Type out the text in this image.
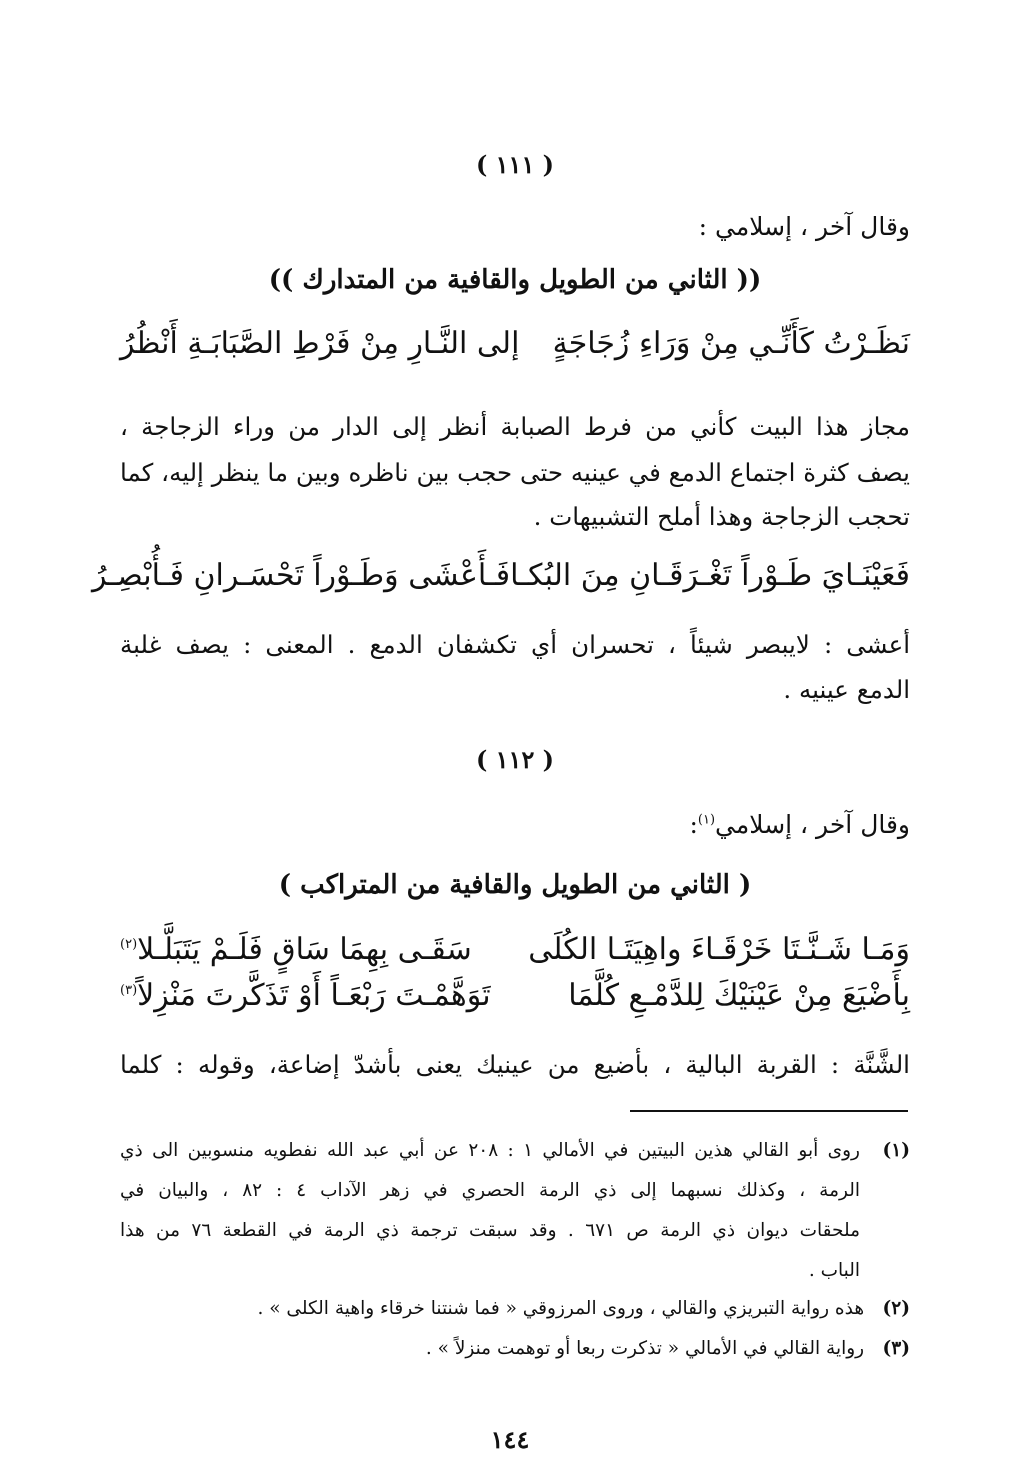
( ١١١ )
وقال آخر ، إسلامي :
(( الثاني من الطويل والقافية من المتدارك ))
نَظَـرْتُ كَأَنِّـي مِنْ وَرَاءِ زُجَاجَةٍ
إلى النَّـارِ مِنْ فَرْطِ الصَّبَابَـةِ أَنْظُرُ
مجاز هذا البيت كأني من فرط الصبابة أنظر إلى الدار من وراء الزجاجة ،
يصف كثرة اجتماع الدمع في عينيه حتى حجب بين ناظره وبين ما ينظر إليه، كما
تحجب الزجاجة وهذا أملح التشبيهات .
فَعَيْنَـايَ طَـوْراً تَغْـرَقَـانِ مِنَ البُكـا
فَـأَعْشَى وَطَـوْراً تَحْسَـرانِ فَـأُبْصِـرُ
أعشى : لايبصر شيئاً ، تحسران أي تكشفان الدمع . المعنى : يصف غلبة
الدمع عينيه .
( ١١٢ )
وقال آخر ، إسلامي$^{(١)}$:
( الثاني من الطويل والقافية من المتراكب )
وَمَـا شَـنَّـتَا خَرْقَـاءَ واهِيَتَـا الكُلَى
سَقَـى بِهِمَا سَاقٍ فَلَـمْ يَتَبَلَّـلا$^{(٢)}$
بِأَضْيَعَ مِنْ عَيْنَيْكَ لِلدَّمْـعِ كُلَّمَا
تَوَهَّمْـتَ رَبْعَـاً أَوْ تَذَكَّرتَ مَنْزِلاً$^{(٣)}$
الشَّنَّة : القربة البالية ، بأضيع من عينيك يعنى بأشدّ إضاعة، وقوله : كلما
(١)
روى أبو القالي هذين البيتين في الأمالي ١ : ٢٠٨ عن أبي عبد الله نفطويه منسوبين الى ذي
الرمة ، وكذلك نسبهما إلى ذي الرمة الحصري في زهر الآداب ٤ : ٨٢ ، والبيان في
ملحقات ديوان ذي الرمة ص ٦٧١ . وقد سبقت ترجمة ذي الرمة في القطعة ٧٦ من هذا
الباب .
(٢) هذه رواية التبريزي والقالي ، وروى المرزوقي « فما شنتنا خرقاء واهية الكلى » .
(٣) رواية القالي في الأمالي « تذكرت ربعا أو توهمت منزلاً » .
١٤٤
